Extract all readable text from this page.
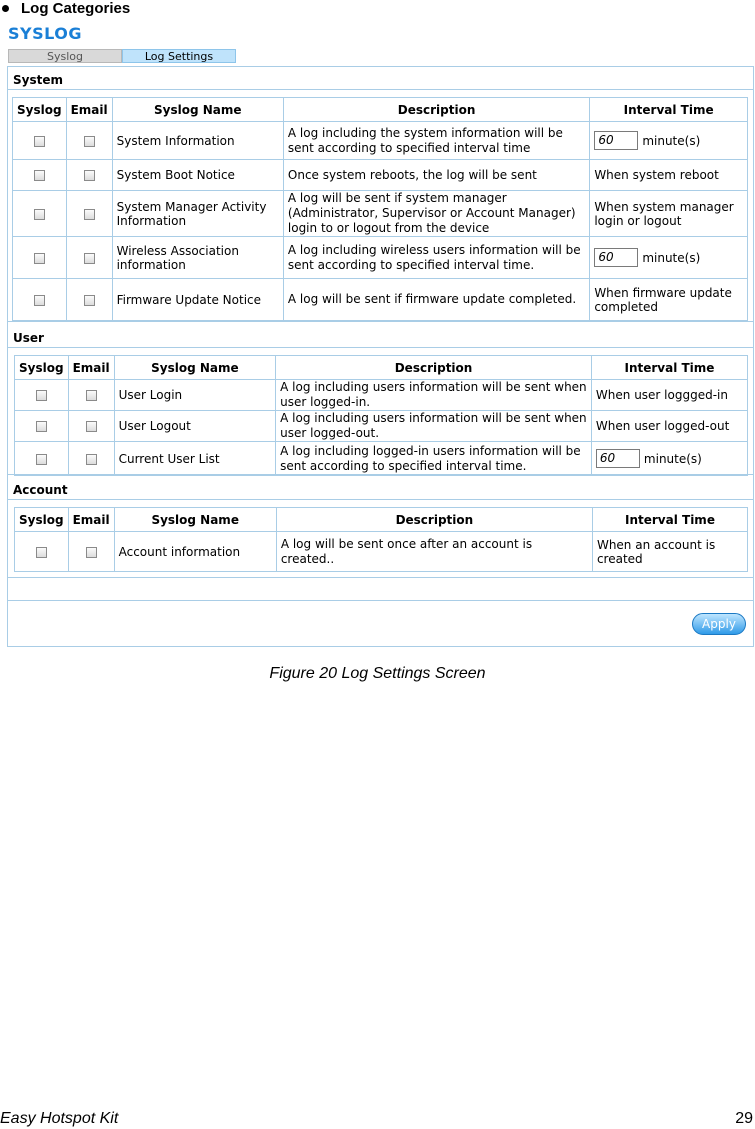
Log Categories
SYSLOG
Syslog	Log Settings
System
Syslog	Email	Syslog Name	Description	Interval Time
		System Information	A log including the system information will be sent according to specified interval time	60 minute(s)

		System Boot Notice	Once system reboots, the log will be sent	When system reboot
		System Manager Activity Information	A log will be sent if system manager (Administrator, Supervisor or Account Manager) login to or logout from the device	When system manager login or logout
		Wireless Association information	A log including wireless users information will be sent according to specified interval time.	60 minute(s)

		Firmware Update Notice	A log will be sent if firmware update completed.	When firmware update completed
User
Syslog	Email	Syslog Name	Description	Interval Time
		User Login	A log including users information will be sent when user logged-in.	When user loggged-in
		User Logout	A log including users information will be sent when user logged-out.	When user logged-out
		Current User List	A log including logged-in users information will be sent according to specified interval time.	60 minute(s)
Account
Syslog	Email	Syslog Name	Description	Interval Time
		Account information	A log will be sent once after an account is created..	When an account is created
Apply
Figure 20 Log Settings Screen
Easy Hotspot Kit	29
